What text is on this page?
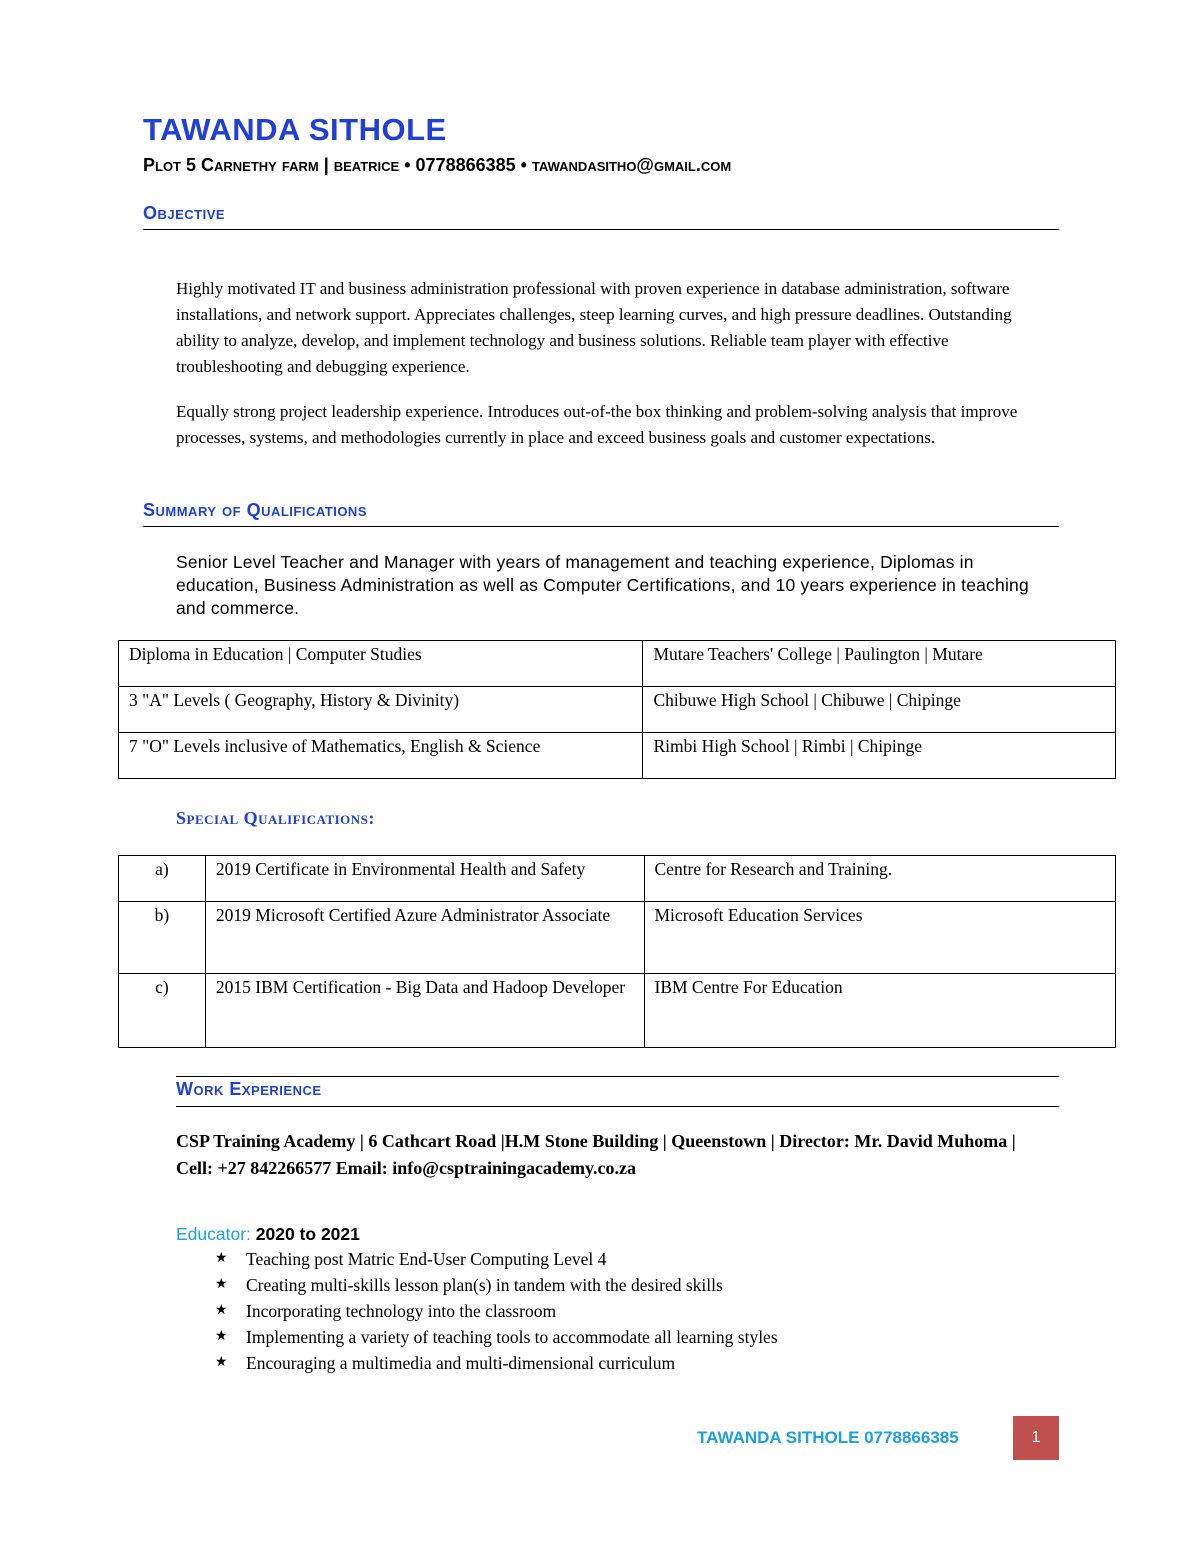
TAWANDA SITHOLE
Plot 5 Carnethy farm | beatrice • 0778866385 • tawandasitho@gmail.com
Objective
Highly motivated IT and business administration professional with proven experience in database administration, software installations, and network support. Appreciates challenges, steep learning curves, and high pressure deadlines. Outstanding ability to analyze, develop, and implement technology and business solutions. Reliable team player with effective troubleshooting and debugging experience.
Equally strong project leadership experience. Introduces out-of-the box thinking and problem-solving analysis that improve processes, systems, and methodologies currently in place and exceed business goals and customer expectations.
Summary of Qualifications
Senior Level Teacher and Manager with years of management and teaching experience, Diplomas in education, Business Administration as well as Computer Certifications, and 10 years experience in teaching and commerce.
Diploma in Education | Computer Studies	Mutare Teachers' College | Paulington | Mutare
3 "A" Levels ( Geography, History & Divinity)	Chibuwe High School | Chibuwe | Chipinge
7 "O" Levels inclusive of Mathematics, English & Science	Rimbi High School | Rimbi | Chipinge
Special Qualifications:
a)	2019 Certificate in Environmental Health and Safety	Centre for Research and Training.
b)	2019 Microsoft Certified Azure Administrator Associate	Microsoft Education Services
c)	2015 IBM Certification - Big Data and Hadoop Developer	IBM Centre For Education
Work Experience
CSP Training Academy | 6 Cathcart Road |H.M Stone Building | Queenstown | Director: Mr. David Muhoma | Cell: +27 842266577 Email: info@csptrainingacademy.co.za
Educator: 2020 to 2021
★ Teaching post Matric End-User Computing Level 4
★ Creating multi-skills lesson plan(s) in tandem with the desired skills
★ Incorporating technology into the classroom
★ Implementing a variety of teaching tools to accommodate all learning styles
★ Encouraging a multimedia and multi-dimensional curriculum
TAWANDA SITHOLE 0778866385	1
